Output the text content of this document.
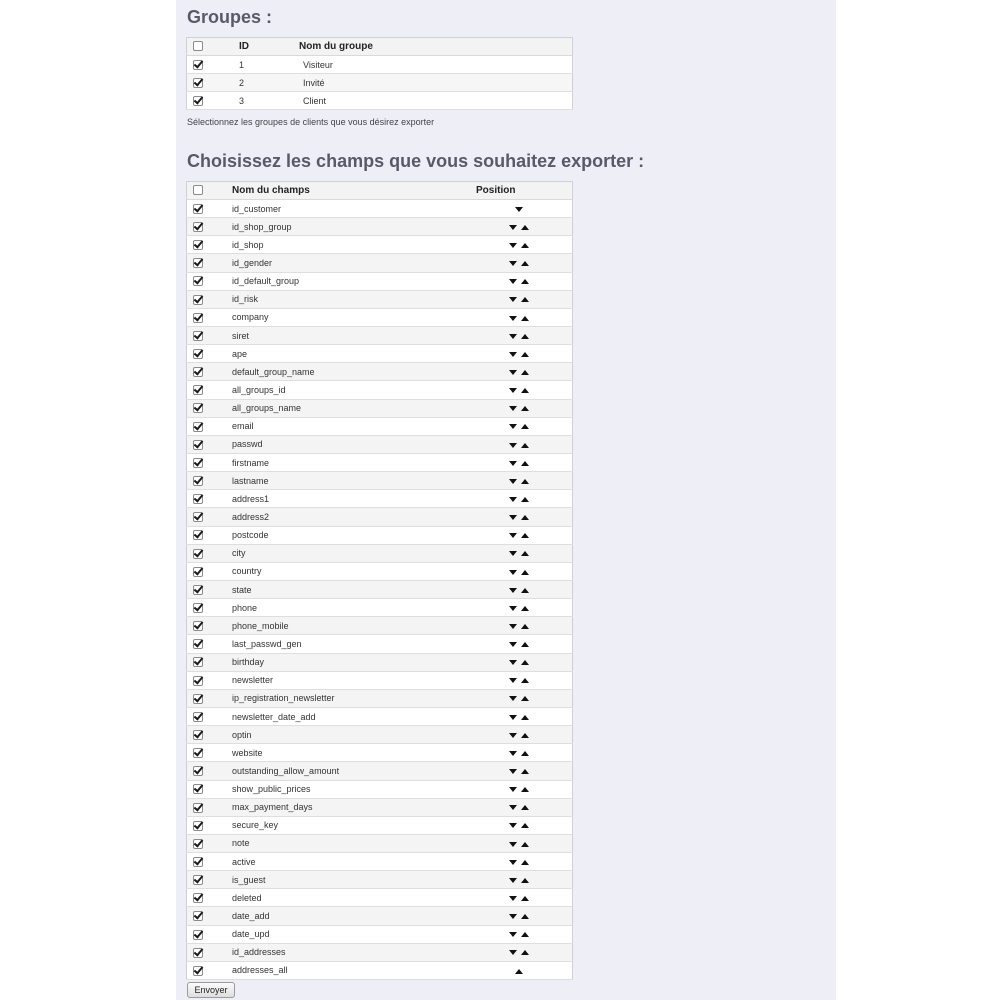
Groupes :
	ID	Nom du groupe
	1	Visiteur
	2	Invité
	3	Client

Sélectionnez les groupes de clients que vous désirez exporter

Choisissez les champs que vous souhaitez exporter :
	Nom du champs	Position
	id_customer	
	id_shop_group	
	id_shop	
	id_gender	
	id_default_group	
	id_risk	
	company	
	siret	
	ape	
	default_group_name	
	all_groups_id	
	all_groups_name	
	email	
	passwd	
	firstname	
	lastname	
	address1	
	address2	
	postcode	
	city	
	country	
	state	
	phone	
	phone_mobile	
	last_passwd_gen	
	birthday	
	newsletter	
	ip_registration_newsletter	
	newsletter_date_add	
	optin	
	website	
	outstanding_allow_amount	
	show_public_prices	
	max_payment_days	
	secure_key	
	note	
	active	
	is_guest	
	deleted	
	date_add	
	date_upd	
	id_addresses	
	addresses_all	
Envoyer
